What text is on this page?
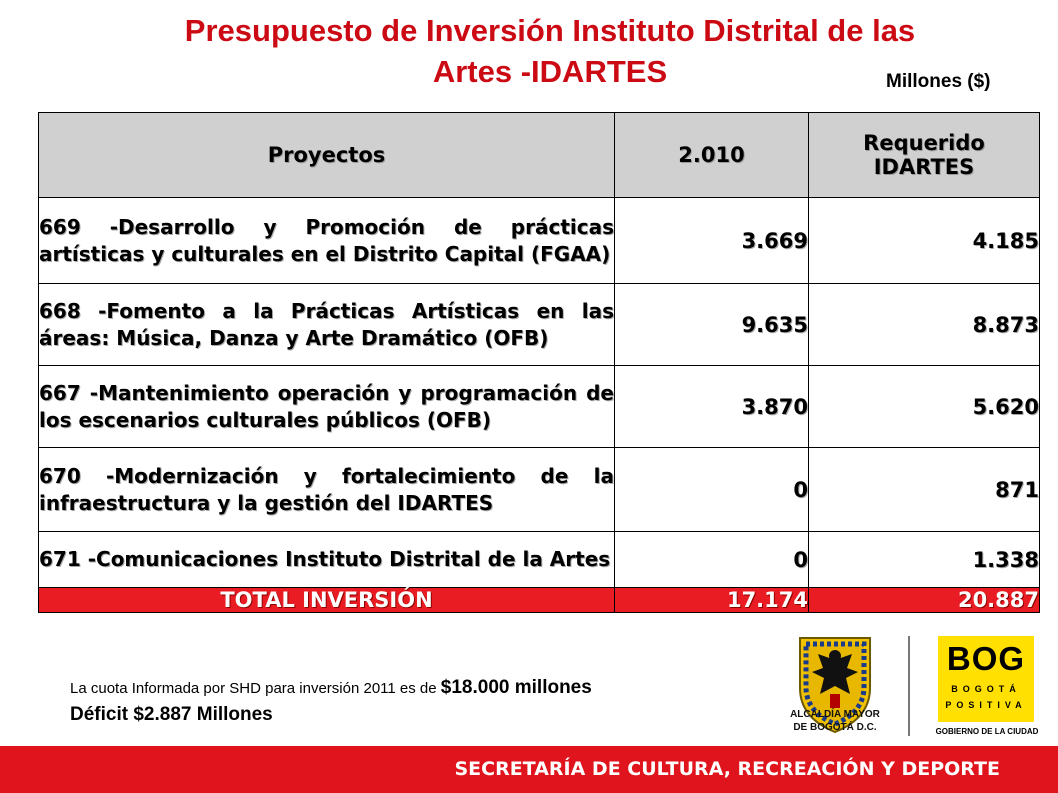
Presupuesto de Inversión Instituto Distrital de las
Artes -IDARTES	Millones ($)
Proyectos	2.010	Requerido
IDARTES

669 -Desarrollo y Promoción de prácticas artísticas y culturales en el Distrito Capital (FGAA)	3.669	4.185
668 -Fomento a la Prácticas Artísticas en las áreas: Música, Danza y Arte Dramático (OFB)	9.635	8.873
667 -Mantenimiento operación y programación de los escenarios culturales públicos (OFB)	3.870	5.620
670 -Modernización y fortalecimiento de la infraestructura y la gestión del IDARTES	0	871
671 -Comunicaciones Instituto Distrital de la Artes	0	1.338
TOTAL INVERSIÓN	17.174	20.887
La cuota Informada por SHD para inversión 2011 es de $18.000 millones
Déficit $2.887 Millones	ALCALDÍA MAYOR
DE BOGOTÁ D.C.
BOG
BOGOTÁ
POSITIVA
GOBIERNO DE LA CIUDAD
SECRETARÍA DE CULTURA, RECREACIÓN Y DEPORTE
